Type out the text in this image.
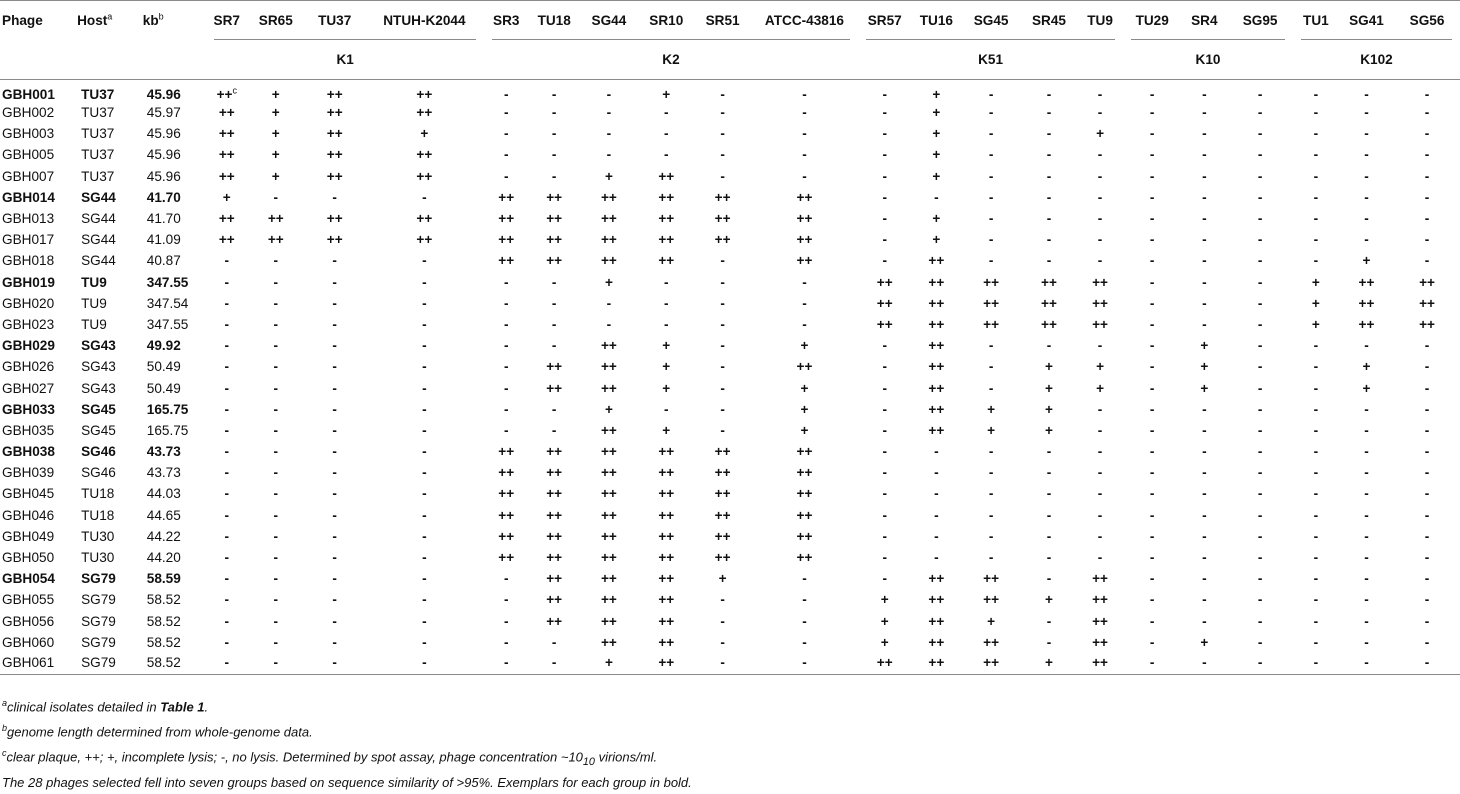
Phage	Host$^a$	$kb^b$	SR7	SR65	TU37	NTUH-K2044	SR3	TU18	SG44	SR10	SR51	ATCC-43816	SR57	TU16	SG45	SR45	TU9	TU29	SR4	SG95	TU1	SG41	SG56
			K1				K2						K51					K10			K102		
GBH001	TU37	45.96	++$^c$	+	++	++	-	-	-	+	-	-	-	+	-	-	-	-	-	-	-	-	-
GBH002	TU37	45.97	++	+	++	++	-	-	-	-	-	-	-	+	-	-	-	-	-	-	-	-	-
GBH003	TU37	45.96	++	+	++	+	-	-	-	-	-	-	-	+	-	-	+	-	-	-	-	-	-
GBH005	TU37	45.96	++	+	++	++	-	-	-	-	-	-	-	+	-	-	-	-	-	-	-	-	-
GBH007	TU37	45.96	++	+	++	++	-	-	+	++	-	-	-	+	-	-	-	-	-	-	-	-	-
GBH014	SG44	41.70	+	-	-	-	++	++	++	++	++	++	-	-	-	-	-	-	-	-	-	-	-
GBH013	SG44	41.70	++	++	++	++	++	++	++	++	++	++	-	+	-	-	-	-	-	-	-	-	-
GBH017	SG44	41.09	++	++	++	++	++	++	++	++	++	++	-	+	-	-	-	-	-	-	-	-	-
GBH018	SG44	40.87	-	-	-	-	++	++	++	++	-	++	-	++	-	-	-	-	-	-	-	+	-
GBH019	TU9	347.55	-	-	-	-	-	-	+	-	-	-	++	++	++	++	++	-	-	-	+	++	++
GBH020	TU9	347.54	-	-	-	-	-	-	-	-	-	-	++	++	++	++	++	-	-	-	+	++	++
GBH023	TU9	347.55	-	-	-	-	-	-	-	-	-	-	++	++	++	++	++	-	-	-	+	++	++
GBH029	SG43	49.92	-	-	-	-	-	-	++	+	-	+	-	++	-	-	-	-	+	-	-	-	-
GBH026	SG43	50.49	-	-	-	-	-	++	++	+	-	++	-	++	-	+	+	-	+	-	-	+	-
GBH027	SG43	50.49	-	-	-	-	-	++	++	+	-	+	-	++	-	+	+	-	+	-	-	+	-
GBH033	SG45	165.75	-	-	-	-	-	-	+	-	-	+	-	++	+	+	-	-	-	-	-	-	-
GBH035	SG45	165.75	-	-	-	-	-	-	++	+	-	+	-	++	+	+	-	-	-	-	-	-	-
GBH038	SG46	43.73	-	-	-	-	++	++	++	++	++	++	-	-	-	-	-	-	-	-	-	-	-
GBH039	SG46	43.73	-	-	-	-	++	++	++	++	++	++	-	-	-	-	-	-	-	-	-	-	-
GBH045	TU18	44.03	-	-	-	-	++	++	++	++	++	++	-	-	-	-	-	-	-	-	-	-	-
GBH046	TU18	44.65	-	-	-	-	++	++	++	++	++	++	-	-	-	-	-	-	-	-	-	-	-
GBH049	TU30	44.22	-	-	-	-	++	++	++	++	++	++	-	-	-	-	-	-	-	-	-	-	-
GBH050	TU30	44.20	-	-	-	-	++	++	++	++	++	++	-	-	-	-	-	-	-	-	-	-	-
GBH054	SG79	58.59	-	-	-	-	-	++	++	++	+	-	-	++	++	-	++	-	-	-	-	-	-
GBH055	SG79	58.52	-	-	-	-	-	++	++	++	-	-	+	++	++	+	++	-	-	-	-	-	-
GBH056	SG79	58.52	-	-	-	-	-	++	++	++	-	-	+	++	+	-	++	-	-	-	-	-	-
GBH060	SG79	58.52	-	-	-	-	-	-	++	++	-	-	+	++	++	-	++	-	+	-	-	-	-
GBH061	SG79	58.52	-	-	-	-	-	-	+	++	-	-	++	++	++	+	++	-	-	-	-	-	-
$^a$clinical isolates detailed in Table 1.
$^b$genome length determined from whole-genome data.
$^c$clear plaque, ++; +, incomplete lysis; -, no lysis. Determined by spot assay, phage concentration $\sim 10_{10}$ virions/ml.
The 28 phages selected fell into seven groups based on sequence similarity of >95%. Exemplars for each group in bold.
